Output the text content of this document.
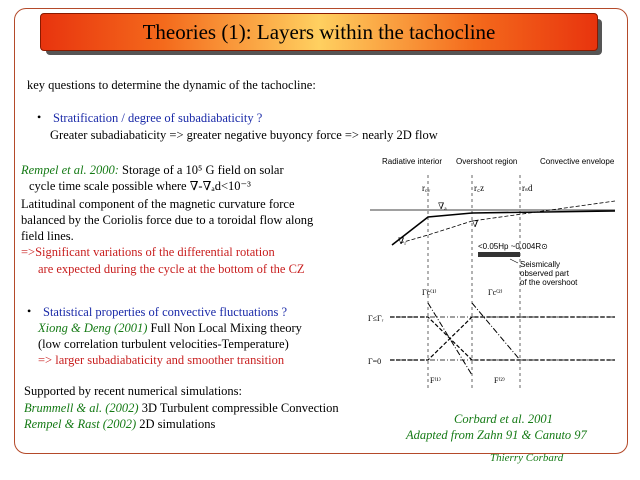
Theories (1): Layers within the tachocline
key questions to determine the dynamic of the tachocline:
• Stratification / degree of subadiabaticity ?
Greater subadiabaticity => greater negative buyoncy force => nearly 2D flow
Rempel et al. 2000: Storage of a 10⁵ G field on solar
cycle time scale possible where ∇-∇ₐd<10⁻³
Latitudinal component of the magnetic curvature force
balanced by the Coriolis force due to a toroidal flow along
field lines.
=>Significant variations of the differential rotation
are expected during the cycle at the bottom of the CZ
• Statistical properties of convective fluctuations ?
Xiong & Deng (2001) Full Non Local Mixing theory
(low correlation turbulent velocities-Temperature)
=> larger subadiabaticity and smoother transition
Supported by recent numerical simulations:
Brummell & al. (2002) 3D Turbulent compressible Convection
Rempel & Rast (2002) 2D simulations	Corbard et al. 2001
Adapted from Zahn 91 & Canuto 97
Thierry Corbard
Radiative interior Overshoot region	Convective envelope
rₒᵥ	r꜀z	rₛd
∇ₐ
∇
∇ᵣ
<0.05Hp ~0.004R⊙
Seismically
observed part
of the overshoot
Γc⁽¹⁾	Γc⁽²⁾
Γ≤Γᵣ
Γ=0
F⁽¹⁾	F⁽²⁾
